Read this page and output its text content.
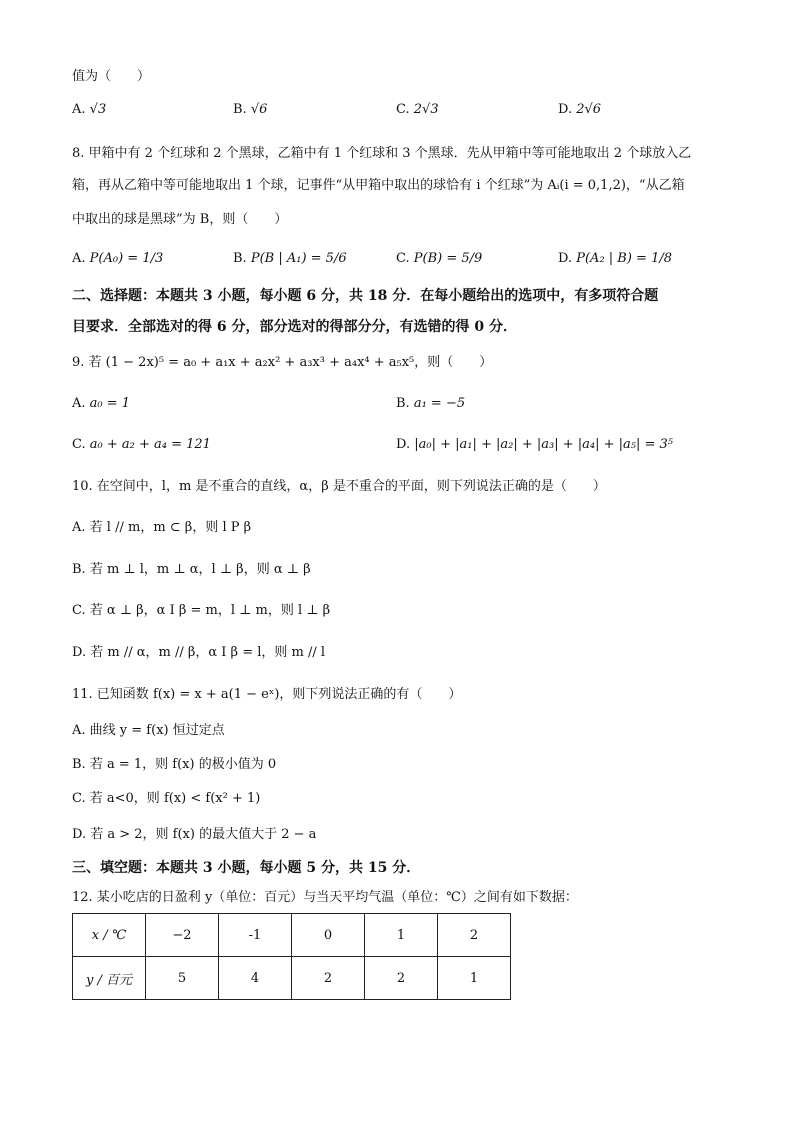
值为（　　）
A. √3	B. √6	C. 2√3	D. 2√6
8. 甲箱中有 2 个红球和 2 个黑球，乙箱中有 1 个红球和 3 个黑球．先从甲箱中等可能地取出 2 个球放入乙
箱，再从乙箱中等可能地取出 1 个球，记事件“从甲箱中取出的球恰有 i 个红球”为 Aᵢ(i = 0,1,2)，“从乙箱
中取出的球是黑球”为 B，则（　　）
A. P(A₀) = 1/3	B. P(B | A₁) = 5/6	C. P(B) = 5/9	D. P(A₂ | B) = 1/8
二、选择题：本题共 3 小题，每小题 6 分，共 18 分．在每小题给出的选项中，有多项符合题
目要求．全部选对的得 6 分，部分选对的得部分分，有选错的得 0 分．
9. 若 (1 − 2x)⁵ = a₀ + a₁x + a₂x² + a₃x³ + a₄x⁴ + a₅x⁵，则（　　）
A. a₀ = 1	B. a₁ = −5
C. a₀ + a₂ + a₄ = 121	D. |a₀| + |a₁| + |a₂| + |a₃| + |a₄| + |a₅| = 3⁵
10. 在空间中，l，m 是不重合的直线，α，β 是不重合的平面，则下列说法正确的是（　　）
A. 若 l // m，m ⊂ β，则 l P β
B. 若 m ⊥ l，m ⊥ α，l ⊥ β，则 α ⊥ β
C. 若 α ⊥ β，α I β = m，l ⊥ m，则 l ⊥ β
D. 若 m // α，m // β，α I β = l，则 m // l
11. 已知函数 f(x) = x + a(1 − eˣ)，则下列说法正确的有（　　）
A. 曲线 y = f(x) 恒过定点
B. 若 a = 1，则 f(x) 的极小值为 0
C. 若 a<0，则 f(x) < f(x² + 1)
D. 若 a > 2，则 f(x) 的最大值大于 2 − a
三、填空题：本题共 3 小题，每小题 5 分，共 15 分．
12. 某小吃店的日盈利 y（单位：百元）与当天平均气温（单位：℃）之间有如下数据：
x / ℃	−2	-1	0	1	2
y / 百元	5	4	2	2	1
